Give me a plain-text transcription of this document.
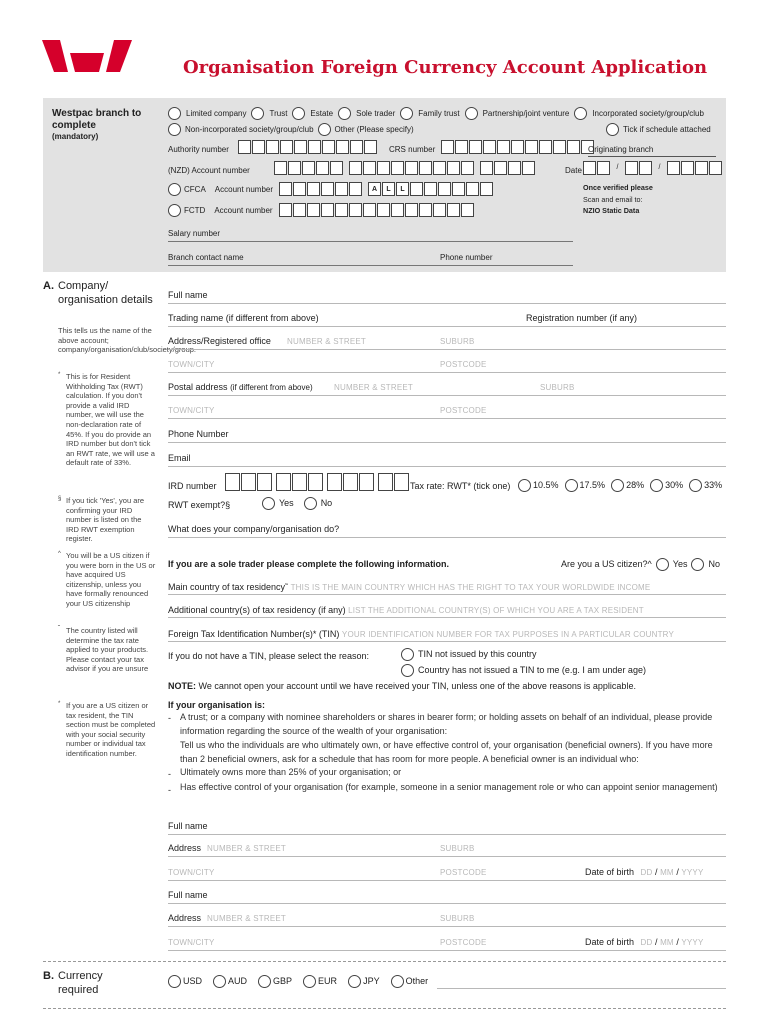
Organisation Foreign Currency Account Application
Westpac branch to complete
(mandatory)
Limited company	Trust	Estate	Sole trader	Family trust	Partnership/joint venture	Incorporated society/group/club
Non-incorporated society/group/club	Other (Please specify)	Tick if schedule attached
Authority number	CRS number	Originating branch
(NZD) Account number	Date	/	/
CFCA Account number	A	L	L
FCTD Account number
Once verified please
Scan and email to:
NZIO Static Data
Salary number
Branch contact name	Phone number
A. Company/ organisation details
This tells us the name of the above account; company/organisation/club/society/group.
* This is for Resident Withholding Tax (RWT) calculation. If you don't provide a valid IRD number, we will use the non-declaration rate of 45%. If you do provide an IRD number but don't tick an RWT rate, we will use a default rate of 33%.
§ If you tick 'Yes', you are confirming your IRD number is listed on the IRD RWT exemption register.
^ You will be a US citizen if you were born in the US or have acquired US citizenship, unless you have formally renounced your US citizenship
˜ The country listed will determine the tax rate applied to your products. Please contact your tax advisor if you are unsure
* If you are a US citizen or tax resident, the TIN section must be completed with your social security number or individual tax identification number.
Full name
Trading name (if different from above)	Registration number (if any)
Address/Registered office NUMBER & STREET	SUBURB
TOWN/CITY	POSTCODE
Postal address (if different from above)	NUMBER & STREET	SUBURB
TOWN/CITY	POSTCODE
Phone Number
Email
IRD number	Tax rate: RWT* (tick one)	10.5% 17.5% 28% 30% 33%
RWT exempt?§	Yes	No
What does your company/organisation do?
If you are a sole trader please complete the following information.	Are you a US citizen?^ Yes No
Main country of tax residency˜ THIS IS THE MAIN COUNTRY WHICH HAS THE RIGHT TO TAX YOUR WORLDWIDE INCOME
Additional country(s) of tax residency (if any) LIST THE ADDITIONAL COUNTRY(S) OF WHICH YOU ARE A TAX RESIDENT
Foreign Tax Identification Number(s)* (TIN) YOUR IDENTIFICATION NUMBER FOR TAX PURPOSES IN A PARTICULAR COUNTRY
If you do not have a TIN, please select the reason:	TIN not issued by this country
Country has not issued a TIN to me (e.g. I am under age)
NOTE: We cannot open your account until we have received your TIN, unless one of the above reasons is applicable.
If your organisation is:
- A trust; or a company with nominee shareholders or shares in bearer form; or holding assets on behalf of an individual, please provide information regarding the source of the wealth of your organisation:
Tell us who the individuals are who ultimately own, or have effective control of, your organisation (beneficial owners). If you have more than 2 beneficial owners, ask for a schedule that has room for more people. A beneficial owner is an individual who:
- Ultimately owns more than 25% of your organisation; or
- Has effective control of your organisation (for example, someone in a senior management role or who can appoint senior management)
Full name
Address NUMBER & STREET	SUBURB
TOWN/CITY	POSTCODE	Date of birth DD / MM / YYYY
Full name
Address NUMBER & STREET	SUBURB
TOWN/CITY	POSTCODE	Date of birth DD / MM / YYYY
B. Currency required
USD	AUD	GBP	EUR	JPY	Other
